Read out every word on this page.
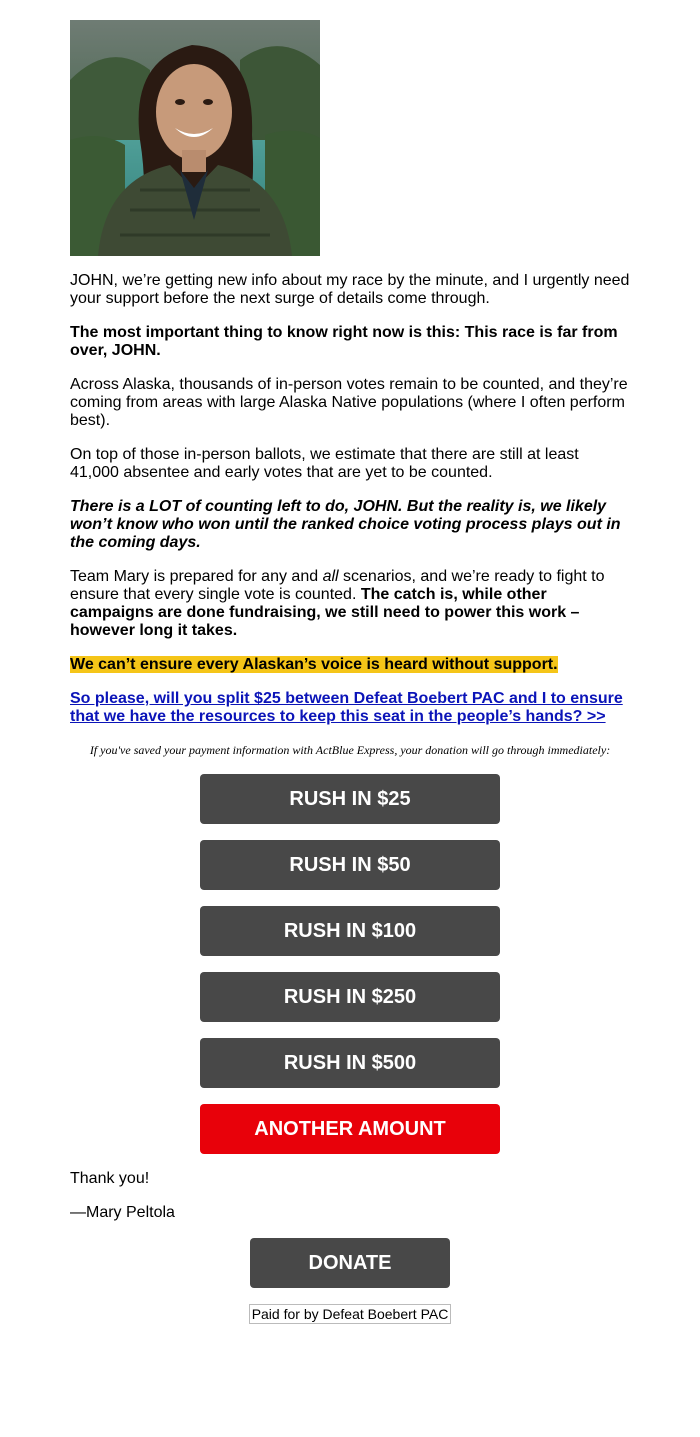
JOHN, we’re getting new info about my race by the minute, and I urgently need your support before the next surge of details come through.

The most important thing to know right now is this: This race is far from over, JOHN.

Across Alaska, thousands of in-person votes remain to be counted, and they’re coming from areas with large Alaska Native populations (where I often perform best).

On top of those in-person ballots, we estimate that there are still at least 41,000 absentee and early votes that are yet to be counted.

There is a LOT of counting left to do, JOHN. But the reality is, we likely won’t know who won until the ranked choice voting process plays out in the coming days.

Team Mary is prepared for any and all scenarios, and we’re ready to fight to ensure that every single vote is counted. The catch is, while other campaigns are done fundraising, we still need to power this work – however long it takes.

We can’t ensure every Alaskan’s voice is heard without support.

So please, will you split $25 between Defeat Boebert PAC and I to ensure that we have the resources to keep this seat in the people’s hands? >>

If you've saved your payment information with ActBlue Express, your donation will go through immediately:

RUSH IN $25
RUSH IN $50
RUSH IN $100
RUSH IN $250
RUSH IN $500
ANOTHER AMOUNT

Thank you!

—Mary Peltola

DONATE
Paid for by Defeat Boebert PAC
